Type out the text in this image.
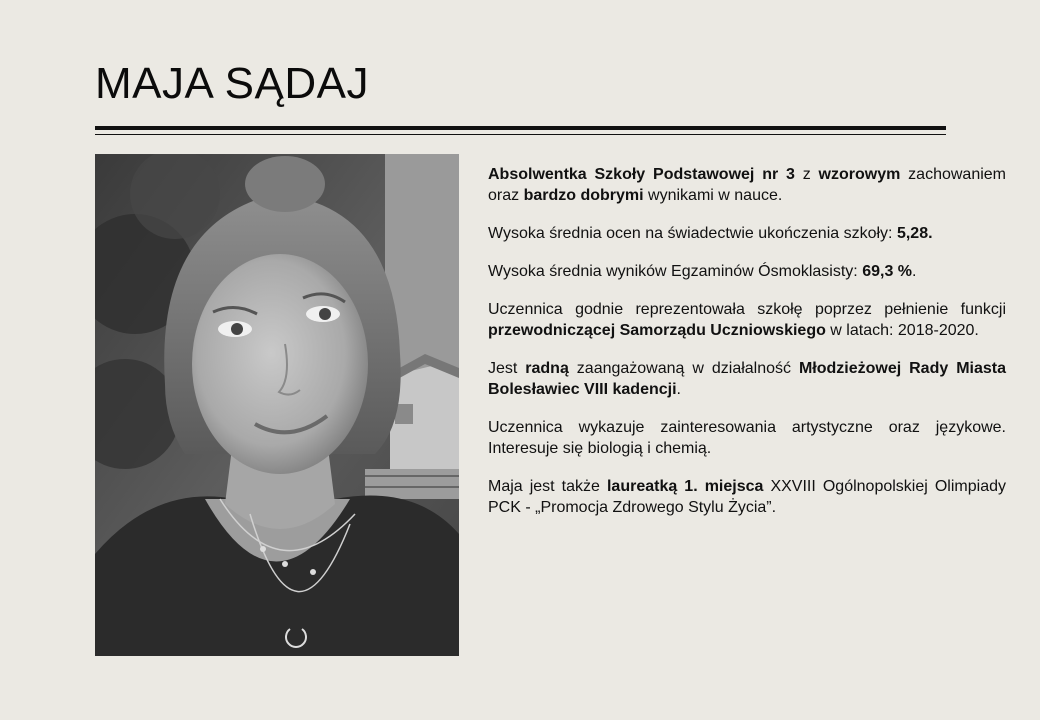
MAJA SĄDAJ

Absolwentka Szkoły Podstawowej nr 3 z wzorowym zachowaniem oraz bardzo dobrymi wynikami w nauce.

Wysoka średnia ocen na świadectwie ukończenia szkoły: 5,28.

Wysoka średnia wyników Egzaminów Ósmoklasisty: 69,3 %.

Uczennica godnie reprezentowała szkołę poprzez pełnienie funkcji przewodniczącej Samorządu Uczniowskiego w latach: 2018-2020.

Jest radną zaangażowaną w działalność Młodzieżowej Rady Miasta Bolesławiec VIII kadencji.

Uczennica wykazuje zainteresowania artystyczne oraz językowe. Interesuje się biologią i chemią.

Maja jest także laureatką 1. miejsca XXVIII Ogólnopolskiej Olimpiady PCK - „Promocja Zdrowego Stylu Życia”.
